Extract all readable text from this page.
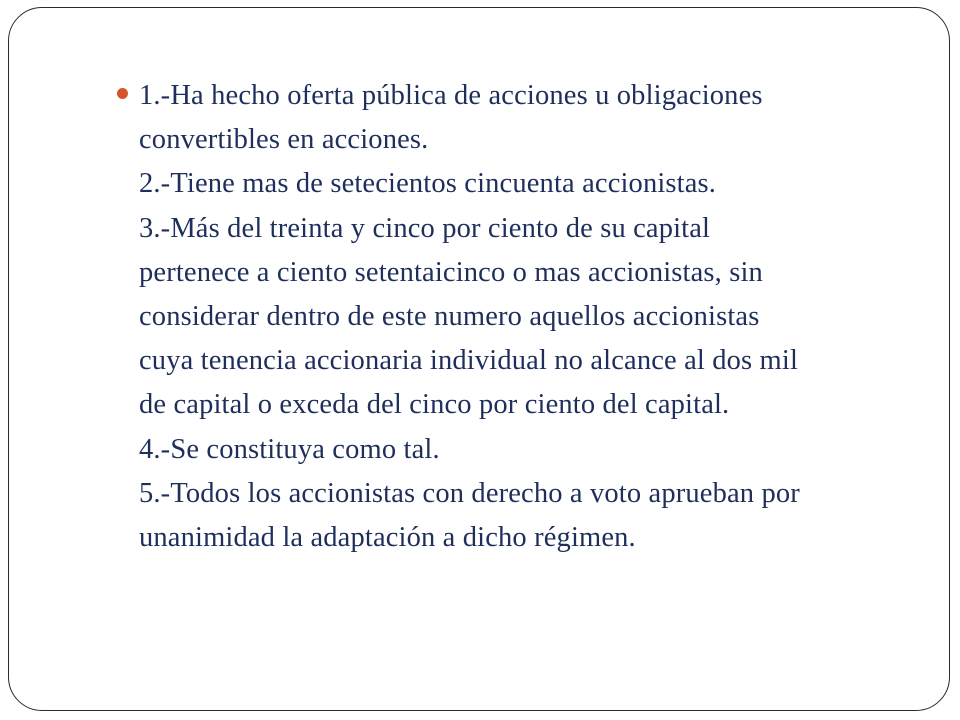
1.-Ha hecho oferta pública de acciones u obligaciones
convertibles en acciones.
2.-Tiene mas de setecientos cincuenta accionistas.
3.-Más del treinta y cinco por ciento de su capital
pertenece a ciento setentaicinco o mas accionistas, sin
considerar dentro de este numero aquellos accionistas
cuya tenencia accionaria individual no alcance al dos mil
de capital o exceda del cinco por ciento del capital.
4.-Se constituya como tal.
5.-Todos los accionistas con derecho a voto aprueban por
unanimidad la adaptación a dicho régimen.
